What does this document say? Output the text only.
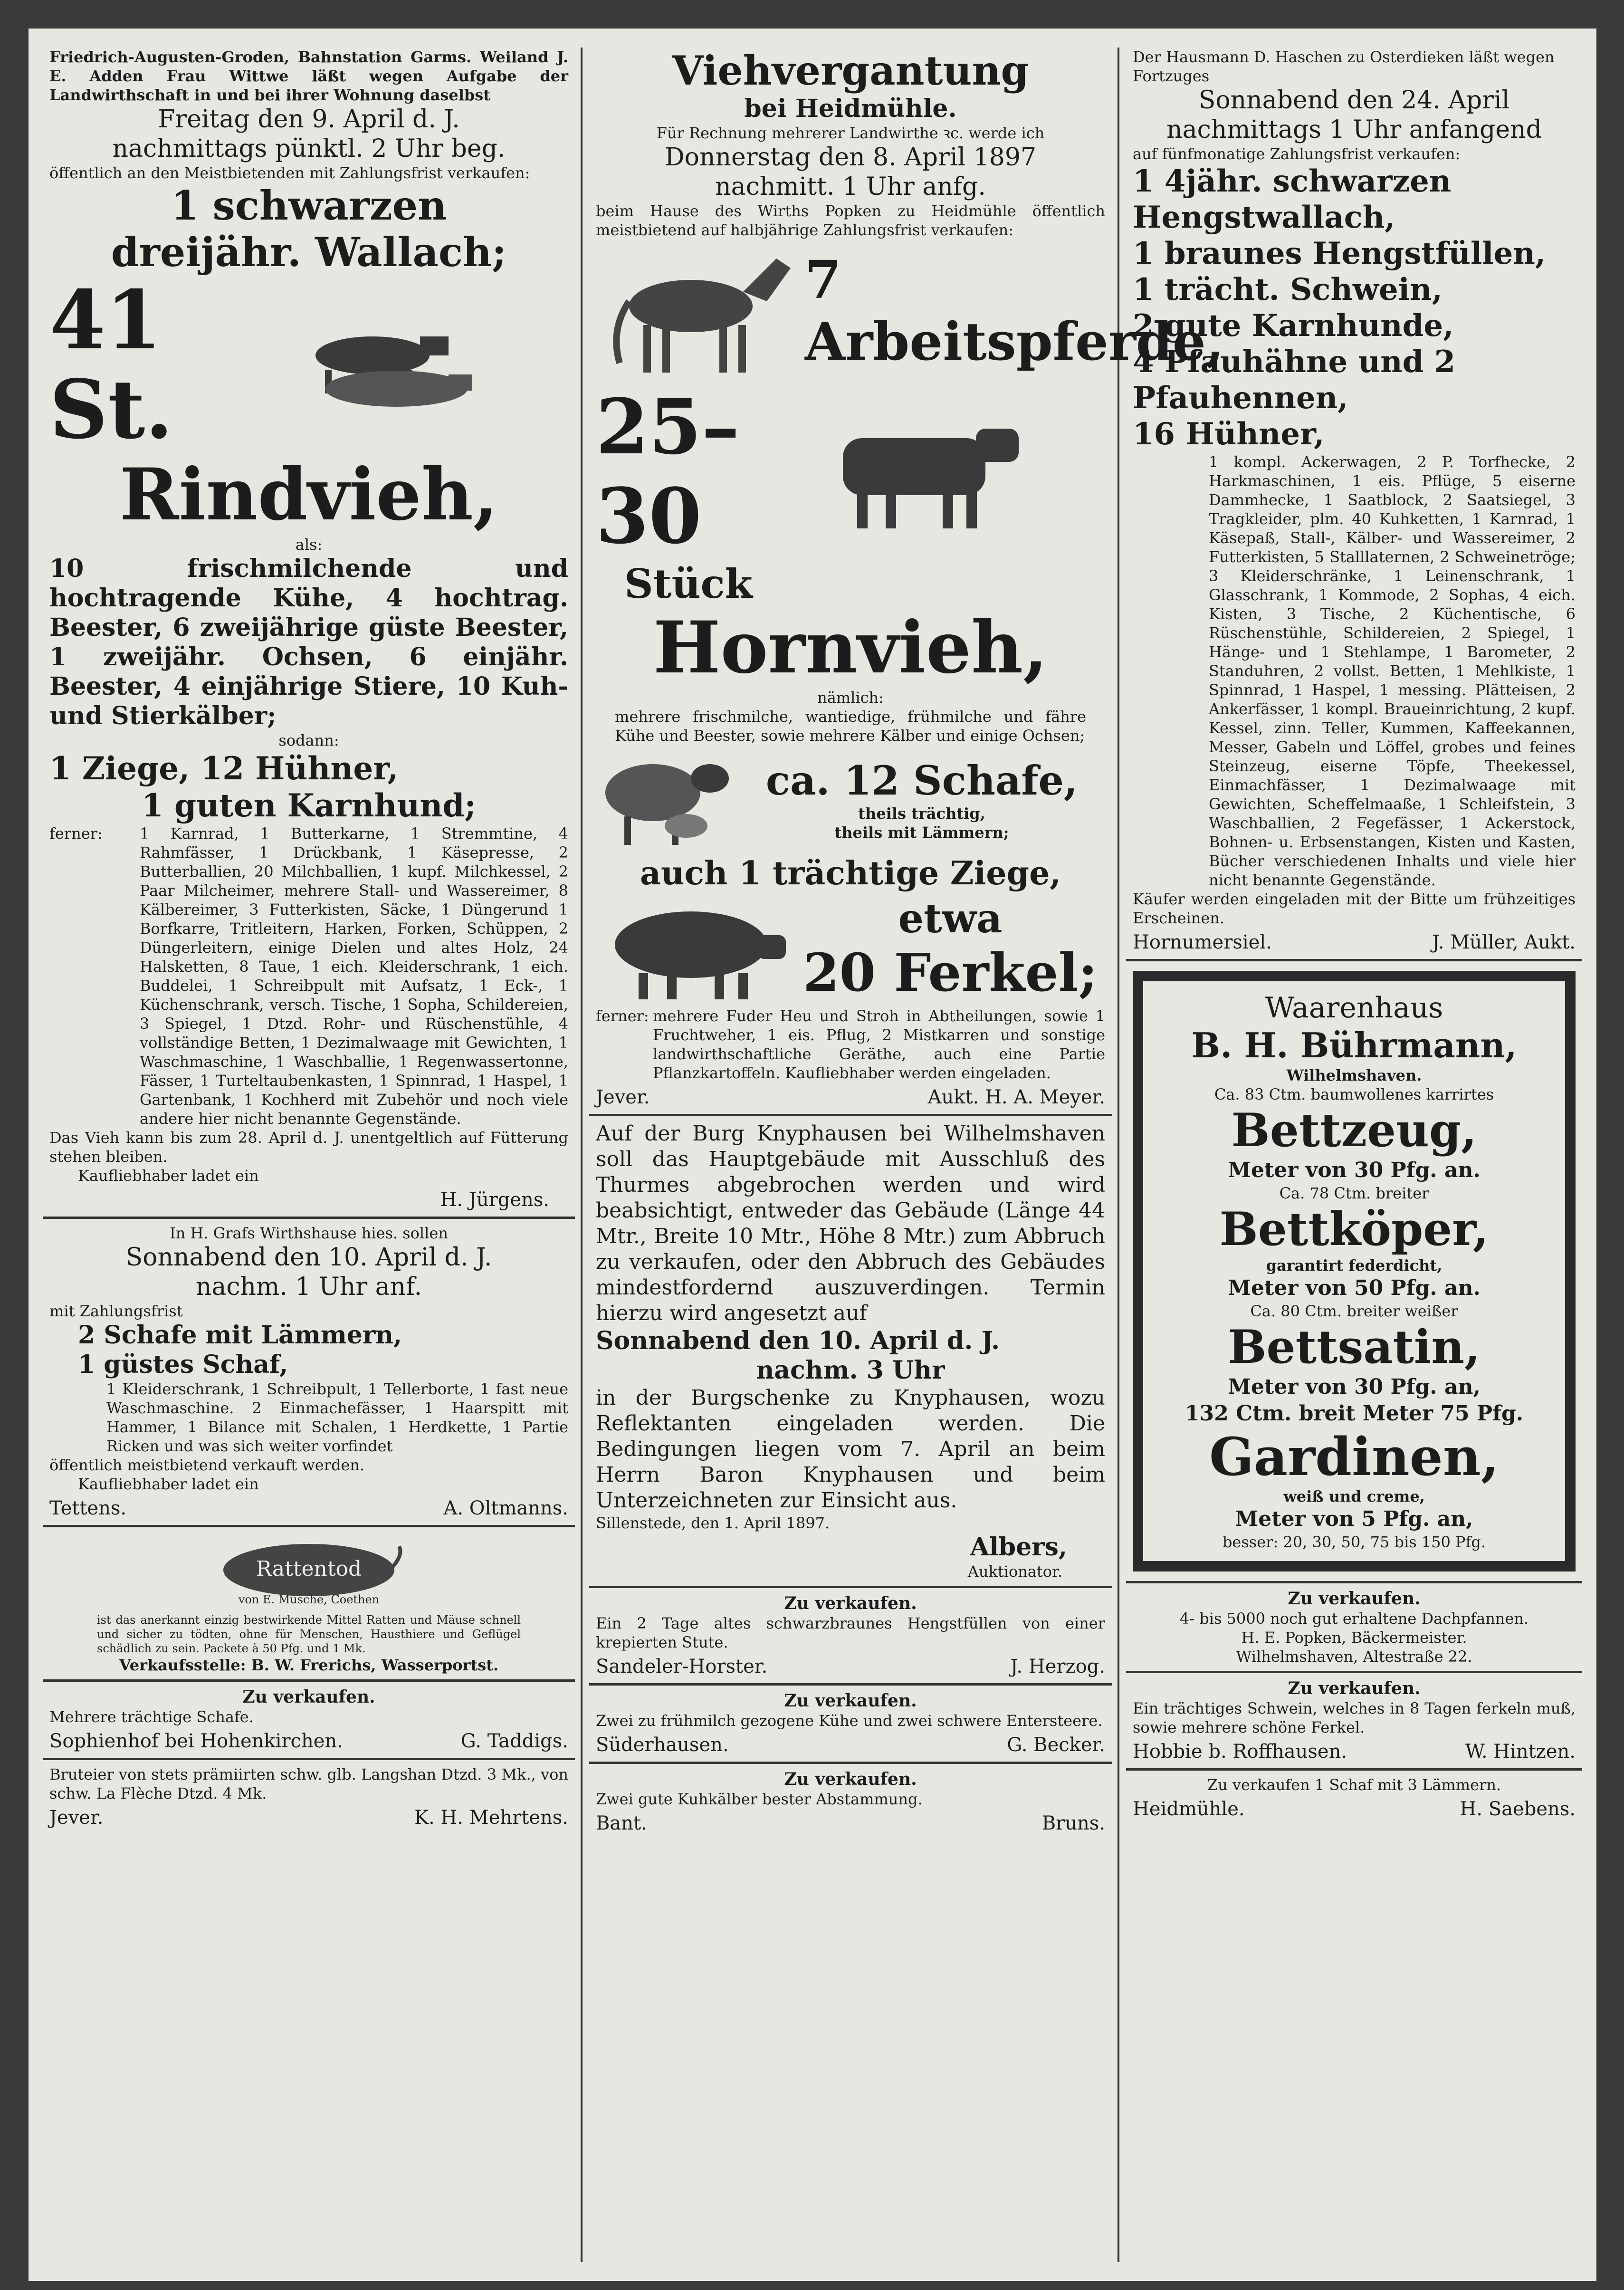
Friedrich-Augusten-Groden, Bahnstation Garms. Weiland J. E. Adden Frau Wittwe läßt wegen Aufgabe der Landwirthschaft in und bei ihrer Wohnung daselbst

Freitag den 9. April d. J.

nachmittags pünktl. 2 Uhr beg.

öffentlich an den Meistbietenden mit Zahlungsfrist verkaufen:

1 schwarzen

dreijähr. Wallach;

41 St.

Rindvieh,

als:

10 frischmilchende und hochtragende Kühe, 4 hochtrag. Beester, 6 zweijährige güste Beester, 1 zweijähr. Ochsen, 6 einjähr. Beester, 4 einjährige Stiere, 10 Kuh- und Stierkälber;

sodann:

1 Ziege, 12 Hühner,

1 guten Karnhund;

ferner:	1 Karnrad, 1 Butterkarne, 1 Stremmtine, 4 Rahmfässer, 1 Drückbank, 1 Käsepresse, 2 Butterballien, 20 Milchballien, 1 kupf. Milchkessel, 2 Paar Milcheimer, mehrere Stall- und Wassereimer, 8 Kälbereimer, 3 Futterkisten, Säcke, 1 Düngerund 1 Borfkarre, Tritleitern, Harken, Forken, Schüppen, 2 Düngerleitern, einige Dielen und altes Holz, 24 Halsketten, 8 Taue, 1 eich. Kleiderschrank, 1 eich. Buddelei, 1 Schreibpult mit Aufsatz, 1 Eck-, 1 Küchenschrank, versch. Tische, 1 Sopha, Schildereien, 3 Spiegel, 1 Dtzd. Rohr- und Rüschenstühle, 4 vollständige Betten, 1 Dezimalwaage mit Gewichten, 1 Waschmaschine, 1 Waschballie, 1 Regenwassertonne, Fässer, 1 Turteltaubenkasten, 1 Spinnrad, 1 Haspel, 1 Gartenbank, 1 Kochherd mit Zubehör und noch viele andere hier nicht benannte Gegenstände.

Das Vieh kann bis zum 28. April d. J. unentgeltlich auf Fütterung stehen bleiben.

Kaufliebhaber ladet ein

H. Jürgens.

In H. Grafs Wirthshause hies. sollen

Sonnabend den 10. April d. J.

nachm. 1 Uhr anf.

mit Zahlungsfrist

2 Schafe mit Lämmern,

1 güstes Schaf,

1 Kleiderschrank, 1 Schreibpult, 1 Tellerborte, 1 fast neue Waschmaschine. 2 Einmachefässer, 1 Haarspitt mit Hammer, 1 Bilance mit Schalen, 1 Herdkette, 1 Partie Ricken und was sich weiter vorfindet

öffentlich meistbietend verkauft werden.

Kaufliebhaber ladet ein

Tettens.	A. Oltmanns.

Rattentod
von E. Musche, Coethen

ist das anerkannt einzig bestwirkende Mittel Ratten und Mäuse schnell und sicher zu tödten, ohne für Menschen, Hausthiere und Geflügel schädlich zu sein. Packete à 50 Pfg. und 1 Mk.

Verkaufsstelle: B. W. Frerichs, Wasserportst.

Zu verkaufen.

Mehrere trächtige Schafe.

Sophienhof bei Hohenkirchen.	G. Taddigs.

Bruteier von stets prämiirten schw. glb. Langshan Dtzd. 3 Mk., von schw. La Flèche Dtzd. 4 Mk.

Jever.	K. H. Mehrtens.

Viehvergantung

bei Heidmühle.

Für Rechnung mehrerer Landwirthe ꝛc. werde ich

Donnerstag den 8. April 1897

nachmitt. 1 Uhr anfg.

beim Hause des Wirths Popken zu Heidmühle öffentlich meistbietend auf halbjährige Zahlungsfrist verkaufen:

7 Arbeitspferde,

25–30

Stück

Hornvieh,

nämlich:

mehrere frischmilche, wantiedige, frühmilche und fähre Kühe und Beester, sowie mehrere Kälber und einige Ochsen;

ca. 12 Schafe,

theils trächtig,

theils mit Lämmern;

auch 1 trächtige Ziege,

etwa

20 Ferkel;

ferner: mehrere Fuder Heu und Stroh in Abtheilungen, sowie 1 Fruchtweher, 1 eis. Pflug, 2 Mistkarren und sonstige landwirthschaftliche Geräthe, auch eine Partie Pflanzkartoffeln. Kaufliebhaber werden eingeladen.

Jever.	Aukt. H. A. Meyer.

Auf der Burg Knyphausen bei Wilhelmshaven soll das Hauptgebäude mit Ausschluß des Thurmes abgebrochen werden und wird beabsichtigt, entweder das Gebäude (Länge 44 Mtr., Breite 10 Mtr., Höhe 8 Mtr.) zum Abbruch zu verkaufen, oder den Abbruch des Gebäudes mindestfordernd auszuverdingen. Termin hierzu wird angesetzt auf

Sonnabend den 10. April d. J.

nachm. 3 Uhr

in der Burgschenke zu Knyphausen, wozu Reflektanten eingeladen werden. Die Bedingungen liegen vom 7. April an beim Herrn Baron Knyphausen und beim Unterzeichneten zur Einsicht aus.

Sillenstede, den 1. April 1897.

Albers,

Auktionator.

Zu verkaufen.

Ein 2 Tage altes schwarzbraunes Hengstfüllen von einer krepierten Stute.

Sandeler-Horster.	J. Herzog.

Zu verkaufen.

Zwei zu frühmilch gezogene Kühe und zwei schwere Entersteere.

Süderhausen.	G. Becker.

Zu verkaufen.

Zwei gute Kuhkälber bester Abstammung.

Bant.	Bruns.

Der Hausmann D. Haschen zu Osterdieken läßt wegen Fortzuges

Sonnabend den 24. April

nachmittags 1 Uhr anfangend

auf fünfmonatige Zahlungsfrist verkaufen:

1 4jähr. schwarzen Hengstwallach,

1 braunes Hengstfüllen,

1 trächt. Schwein,

2 gute Karnhunde,

4 Pfauhähne und 2 Pfauhennen,

16 Hühner,

1 kompl. Ackerwagen, 2 P. Torfhecke, 2 Harkmaschinen, 1 eis. Pflüge, 5 eiserne Dammhecke, 1 Saatblock, 2 Saatsiegel, 3 Tragkleider, plm. 40 Kuhketten, 1 Karnrad, 1 Käsepaß, Stall-, Kälber- und Wassereimer, 2 Futterkisten, 5 Stalllaternen, 2 Schweinetröge; 3 Kleiderschränke, 1 Leinenschrank, 1 Glasschrank, 1 Kommode, 2 Sophas, 4 eich. Kisten, 3 Tische, 2 Küchentische, 6 Rüschenstühle, Schildereien, 2 Spiegel, 1 Hänge- und 1 Stehlampe, 1 Barometer, 2 Standuhren, 2 vollst. Betten, 1 Mehlkiste, 1 Spinnrad, 1 Haspel, 1 messing. Plätteisen, 2 Ankerfässer, 1 kompl. Braueinrichtung, 2 kupf. Kessel, zinn. Teller, Kummen, Kaffeekannen, Messer, Gabeln und Löffel, grobes und feines Steinzeug, eiserne Töpfe, Theekessel, Einmachfässer, 1 Dezimalwaage mit Gewichten, Scheffelmaaße, 1 Schleifstein, 3 Waschballien, 2 Fegefässer, 1 Ackerstock, Bohnen- u. Erbsenstangen, Kisten und Kasten, Bücher verschiedenen Inhalts und viele hier nicht benannte Gegenstände.

Käufer werden eingeladen mit der Bitte um frühzeitiges Erscheinen.

Hornumersiel.	J. Müller, Aukt.

Waarenhaus

B. H. Bührmann,

Wilhelmshaven.

Ca. 83 Ctm. baumwollenes karrirtes

Bettzeug,

Meter von 30 Pfg. an.

Ca. 78 Ctm. breiter

Bettköper,

garantirt federdicht,

Meter von 50 Pfg. an.

Ca. 80 Ctm. breiter weißer

Bettsatin,

Meter von 30 Pfg. an,

132 Ctm. breit Meter 75 Pfg.

Gardinen,

weiß und creme,

Meter von 5 Pfg. an,

besser: 20, 30, 50, 75 bis 150 Pfg.

Zu verkaufen.

4- bis 5000 noch gut erhaltene Dachpfannen.

H. E. Popken, Bäckermeister.

Wilhelmshaven, Altestraße 22.

Zu verkaufen.

Ein trächtiges Schwein, welches in 8 Tagen ferkeln muß, sowie mehrere schöne Ferkel.

Hobbie b. Roffhausen.	W. Hintzen.

Zu verkaufen 1 Schaf mit 3 Lämmern.

Heidmühle.	H. Saebens.
